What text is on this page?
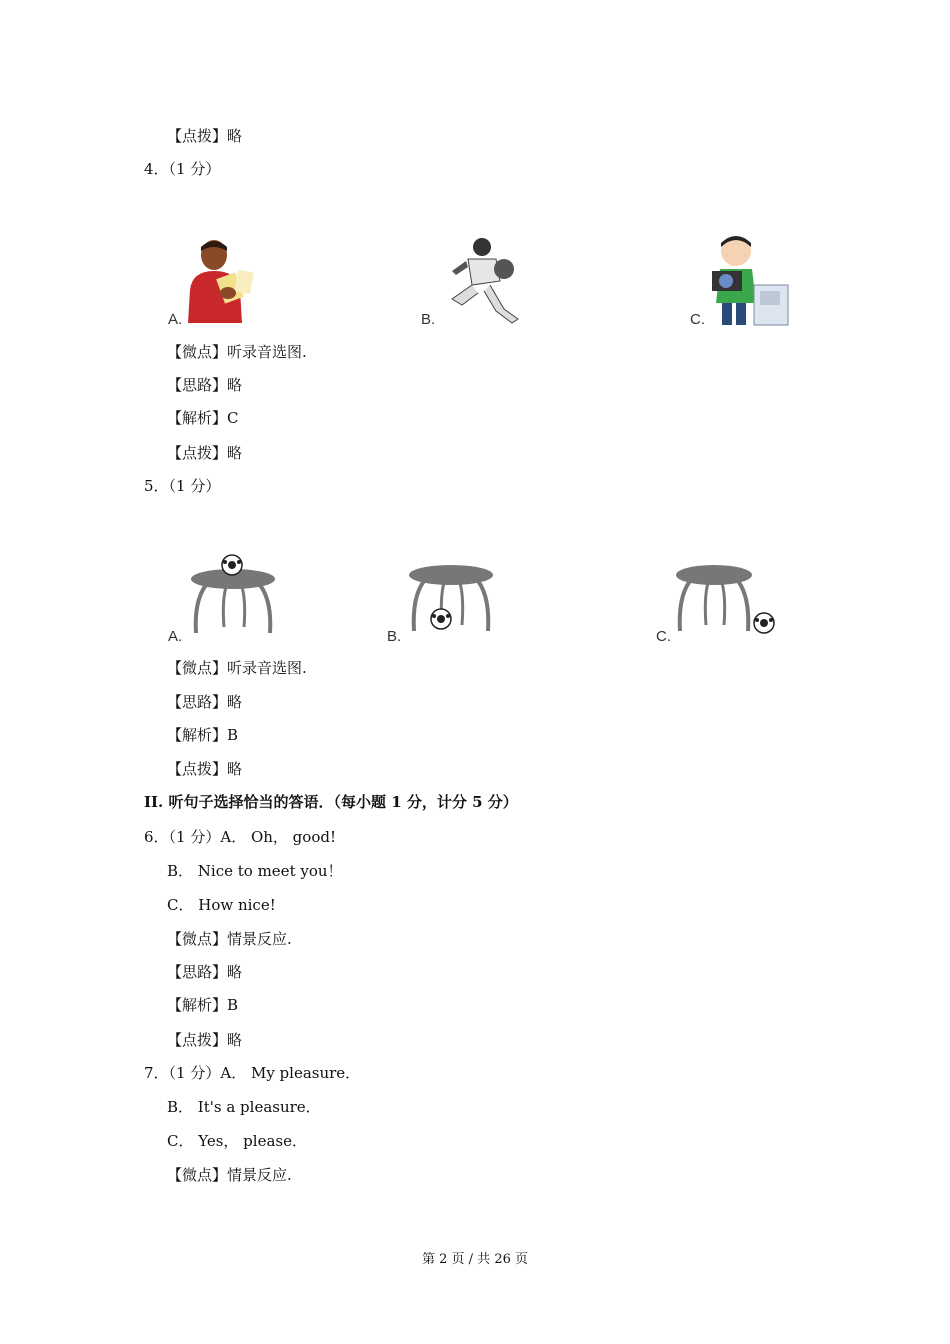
【点拨】略
4．（1 分）
A.	B.	C.
【微点】听录音选图.
【思路】略
【解析】C
【点拨】略
5．（1 分）
A.	B.	C.
【微点】听录音选图.
【思路】略
【解析】B
【点拨】略
II. 听句子选择恰当的答语．（每小题 1 分，计分 5 分）
6．（1 分）A． Oh， good!
B． Nice to meet you！
C． How nice!
【微点】情景反应.
【思路】略
【解析】B
【点拨】略
7．（1 分）A． My pleasure．
B． It's a pleasure．
C． Yes， please．
【微点】情景反应.
第 2 页 / 共 26 页
